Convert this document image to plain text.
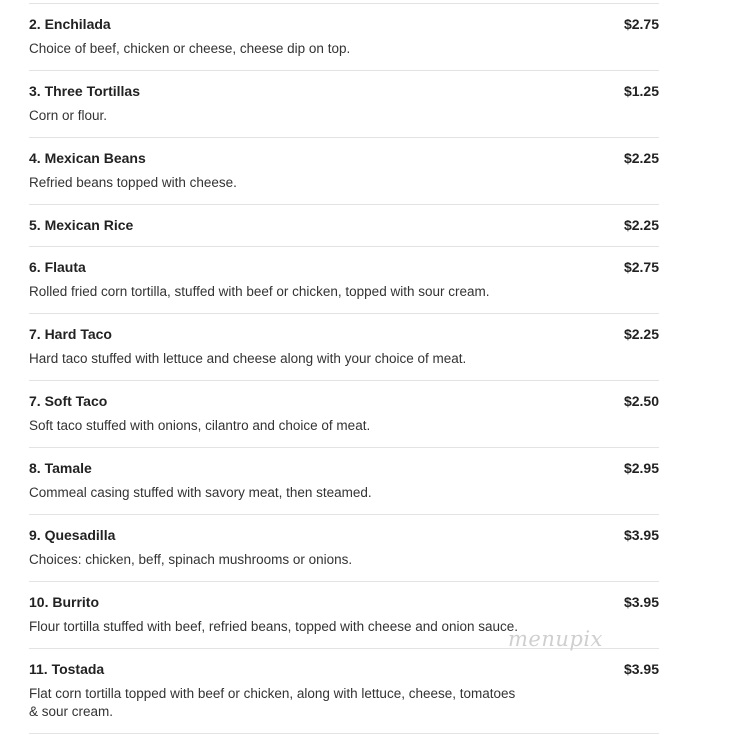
2. Enchilada	$2.75
Choice of beef, chicken or cheese, cheese dip on top.
3. Three Tortillas	$1.25
Corn or flour.
4. Mexican Beans	$2.25
Refried beans topped with cheese.
5. Mexican Rice	$2.25
6. Flauta	$2.75
Rolled fried corn tortilla, stuffed with beef or chicken, topped with sour cream.
7. Hard Taco	$2.25
Hard taco stuffed with lettuce and cheese along with your choice of meat.
7. Soft Taco	$2.50
Soft taco stuffed with onions, cilantro and choice of meat.
8. Tamale	$2.95
Commeal casing stuffed with savory meat, then steamed.
9. Quesadilla	$3.95
Choices: chicken, beff, spinach mushrooms or onions.
10. Burrito	$3.95
Flour tortilla stuffed with beef, refried beans, topped with cheese and onion sauce.
11. Tostada	$3.95
Flat corn tortilla topped with beef or chicken, along with lettuce, cheese, tomatoes & sour cream.
menupix
